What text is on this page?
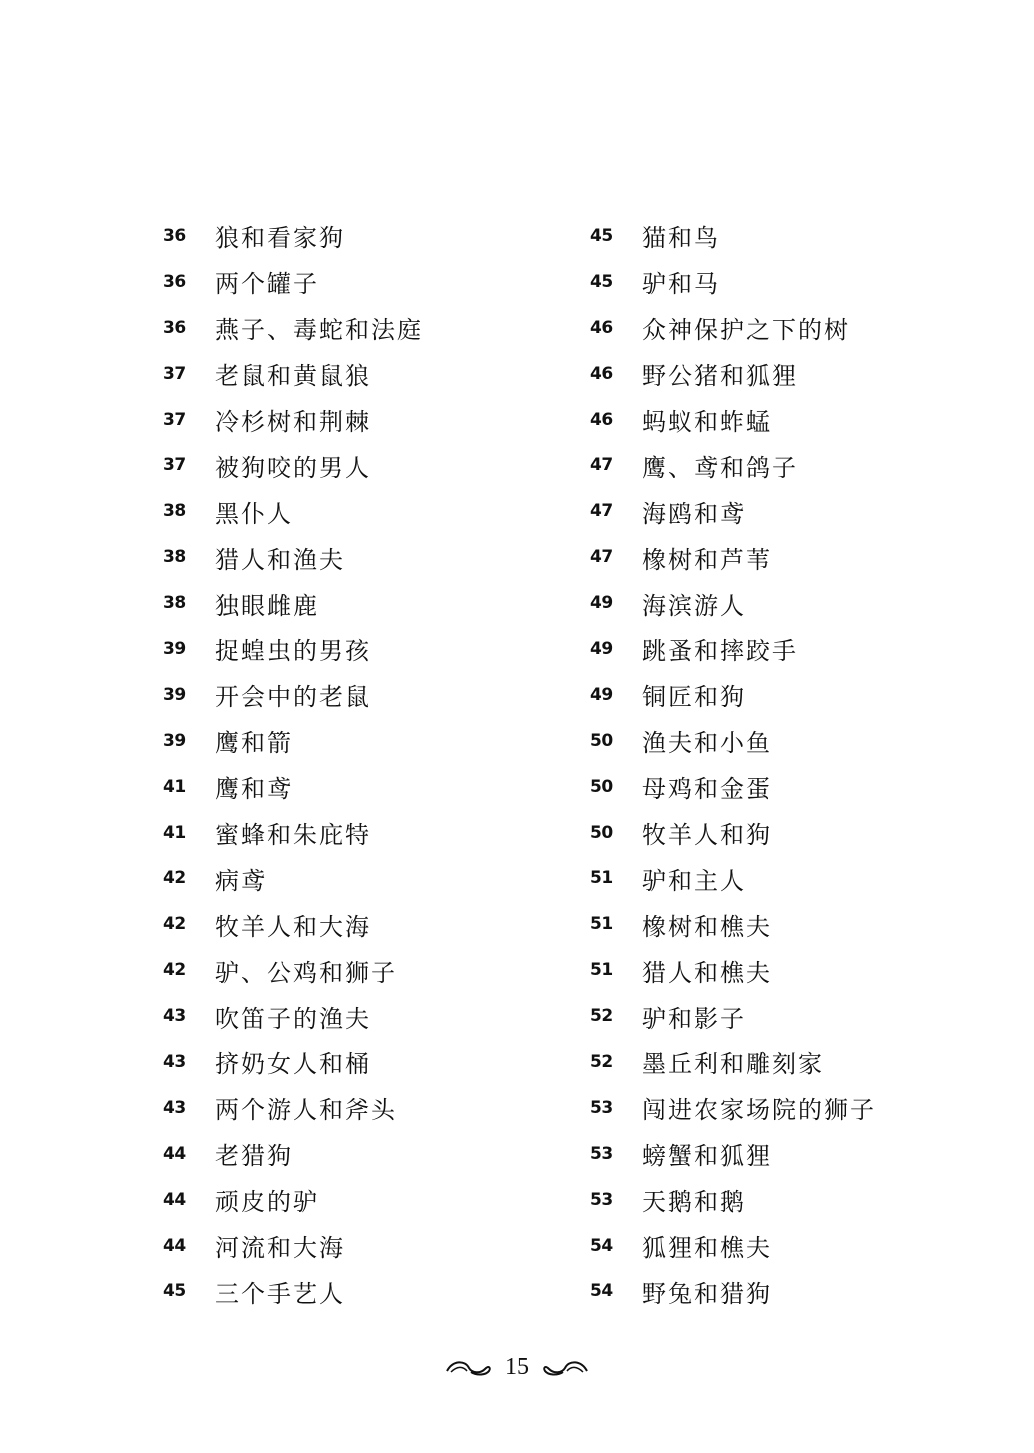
36	狼和看家狗
36	两个罐子
36	燕子、毒蛇和法庭
37	老鼠和黄鼠狼
37	冷杉树和荆棘
37	被狗咬的男人
38	黑仆人
38	猎人和渔夫
38	独眼雌鹿
39	捉蝗虫的男孩
39	开会中的老鼠
39	鹰和箭
41	鹰和鸢
41	蜜蜂和朱庇特
42	病鸢
42	牧羊人和大海
42	驴、公鸡和狮子
43	吹笛子的渔夫
43	挤奶女人和桶
43	两个游人和斧头
44	老猎狗
44	顽皮的驴
44	河流和大海
45	三个手艺人
45	猫和鸟
45	驴和马
46	众神保护之下的树
46	野公猪和狐狸
46	蚂蚁和蚱蜢
47	鹰、鸢和鸽子
47	海鸥和鸢
47	橡树和芦苇
49	海滨游人
49	跳蚤和摔跤手
49	铜匠和狗
50	渔夫和小鱼
50	母鸡和金蛋
50	牧羊人和狗
51	驴和主人
51	橡树和樵夫
51	猎人和樵夫
52	驴和影子
52	墨丘利和雕刻家
53	闯进农家场院的狮子
53	螃蟹和狐狸
53	天鹅和鹅
54	狐狸和樵夫
54	野兔和猎狗
15
